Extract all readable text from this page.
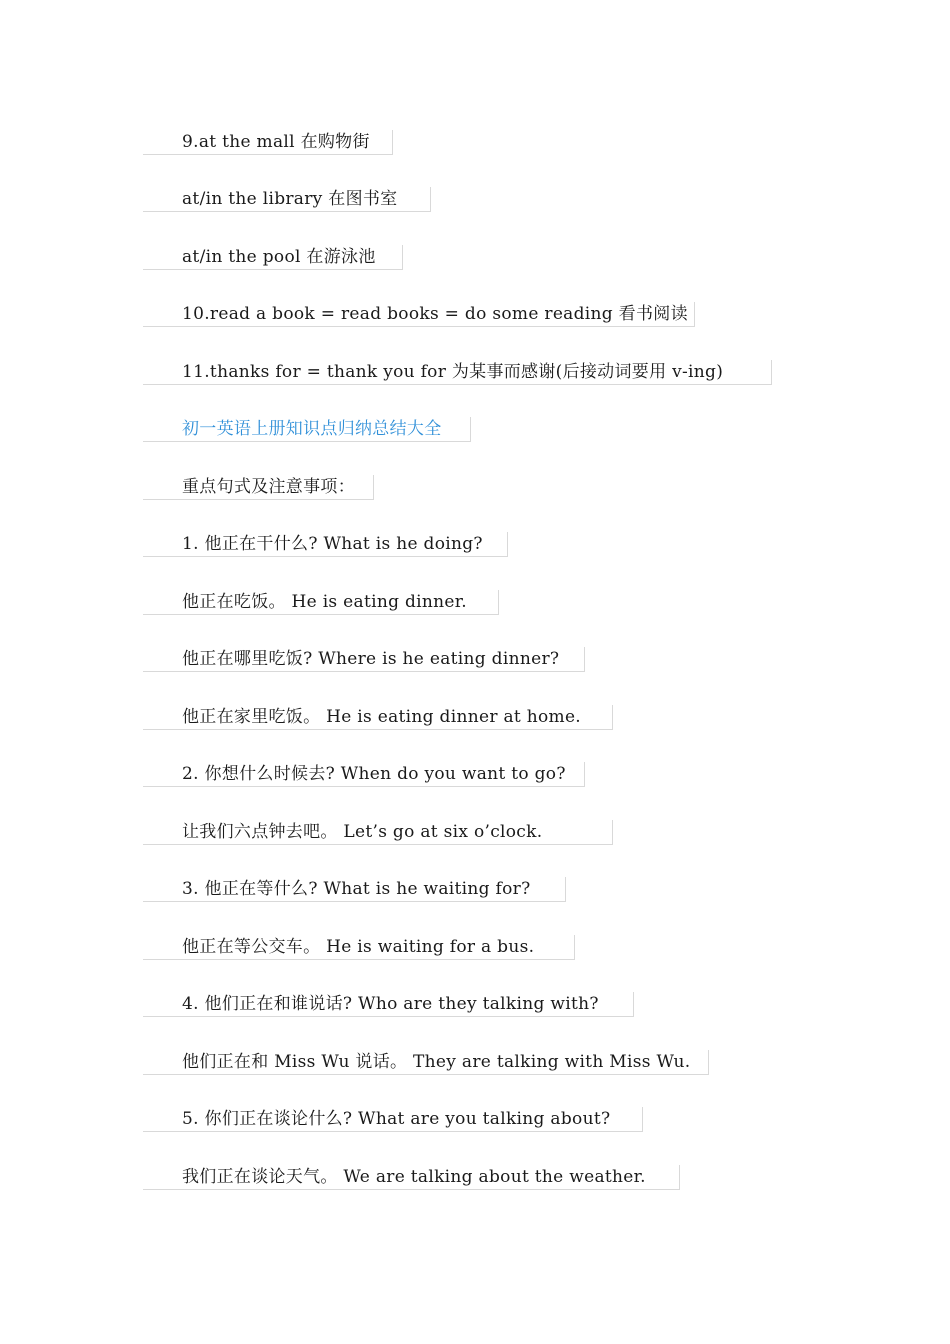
9.at the mall 在购物街
at/in the library 在图书室
at/in the pool 在游泳池
10.read a book = read books = do some reading 看书阅读
11.thanks for = thank you for 为某事而感谢(后接动词要用 v-ing)
初一英语上册知识点归纳总结大全
重点句式及注意事项：
1. 他正在干什么? What is he doing?
他正在吃饭。 He is eating dinner.
他正在哪里吃饭? Where is he eating dinner?
他正在家里吃饭。 He is eating dinner at home.
2. 你想什么时候去? When do you want to go?
让我们六点钟去吧。 Let’s go at six o’clock.
3. 他正在等什么? What is he waiting for?
他正在等公交车。 He is waiting for a bus.
4. 他们正在和谁说话? Who are they talking with?
他们正在和 Miss Wu 说话。 They are talking with Miss Wu.
5. 你们正在谈论什么? What are you talking about?
我们正在谈论天气。 We are talking about the weather.
